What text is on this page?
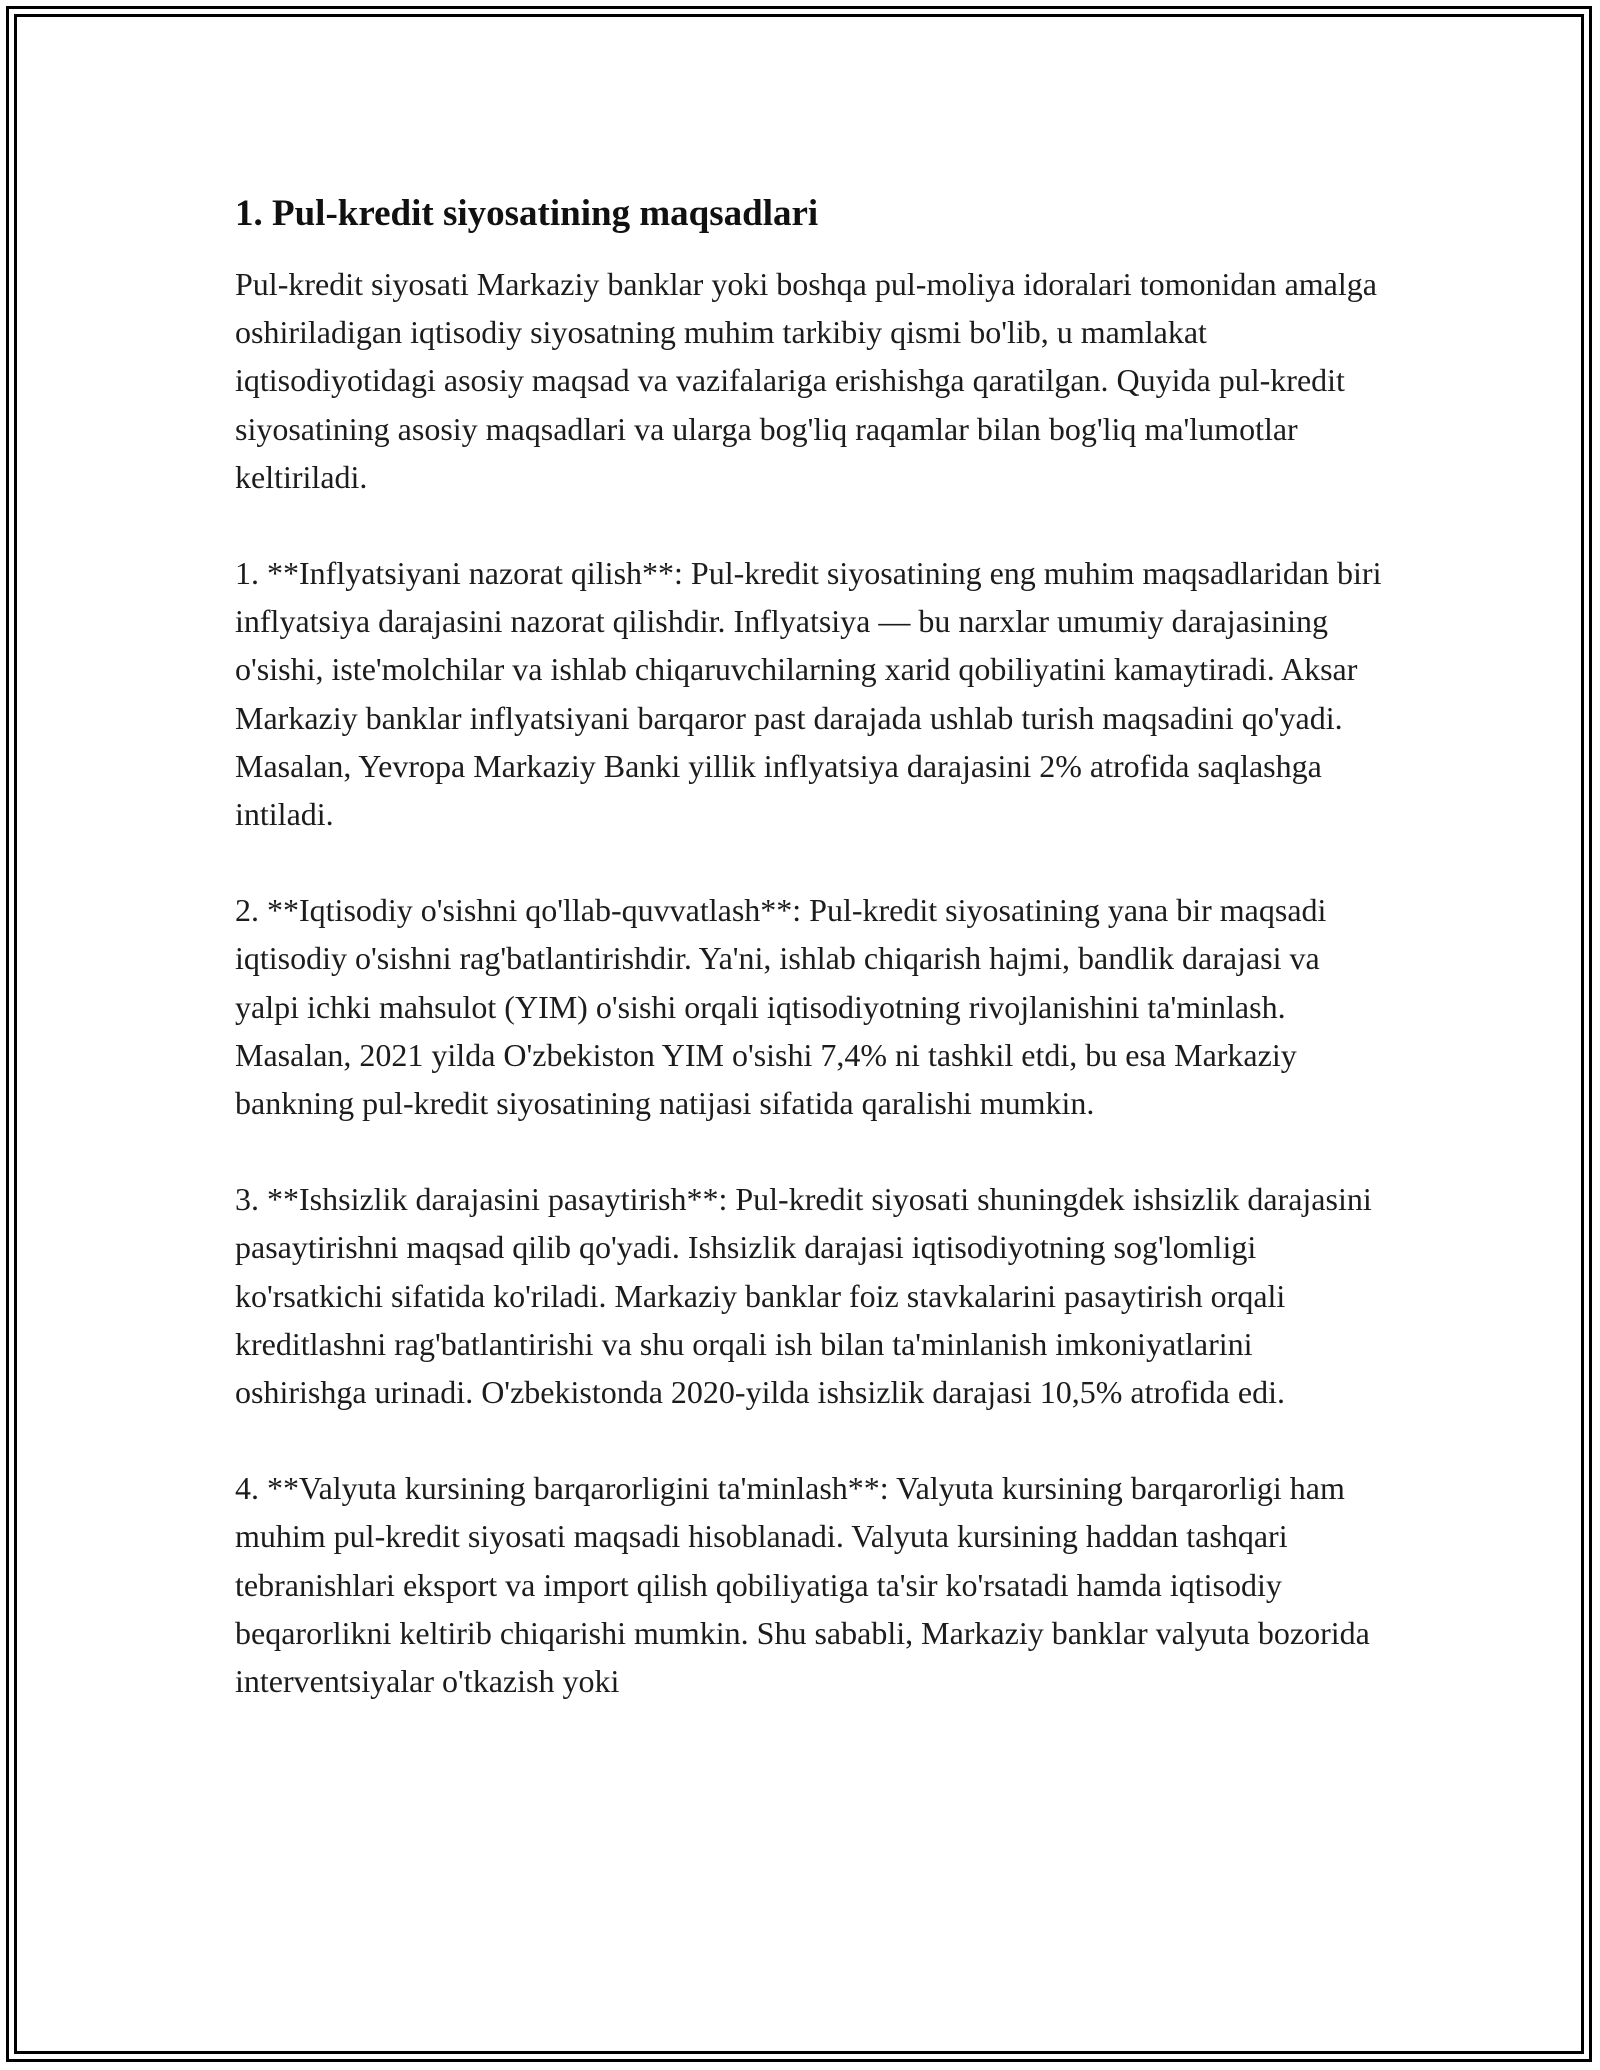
1. Pul-kredit siyosatining maqsadlari

Pul-kredit siyosati Markaziy banklar yoki boshqa pul-moliya idoralari tomonidan amalga oshiriladigan iqtisodiy siyosatning muhim tarkibiy qismi bo'lib, u mamlakat iqtisodiyotidagi asosiy maqsad va vazifalariga erishishga qaratilgan. Quyida pul-kredit siyosatining asosiy maqsadlari va ularga bog'liq raqamlar bilan bog'liq ma'lumotlar keltiriladi.

1. **Inflyatsiyani nazorat qilish**: Pul-kredit siyosatining eng muhim maqsadlaridan biri inflyatsiya darajasini nazorat qilishdir. Inflyatsiya — bu narxlar umumiy darajasining o'sishi, iste'molchilar va ishlab chiqaruvchilarning xarid qobiliyatini kamaytiradi. Aksar Markaziy banklar inflyatsiyani barqaror past darajada ushlab turish maqsadini qo'yadi. Masalan, Yevropa Markaziy Banki yillik inflyatsiya darajasini 2% atrofida saqlashga intiladi.

2. **Iqtisodiy o'sishni qo'llab-quvvatlash**: Pul-kredit siyosatining yana bir maqsadi iqtisodiy o'sishni rag'batlantirishdir. Ya'ni, ishlab chiqarish hajmi, bandlik darajasi va yalpi ichki mahsulot (YIM) o'sishi orqali iqtisodiyotning rivojlanishini ta'minlash. Masalan, 2021 yilda O'zbekiston YIM o'sishi 7,4% ni tashkil etdi, bu esa Markaziy bankning pul-kredit siyosatining natijasi sifatida qaralishi mumkin.

3. **Ishsizlik darajasini pasaytirish**: Pul-kredit siyosati shuningdek ishsizlik darajasini pasaytirishni maqsad qilib qo'yadi. Ishsizlik darajasi iqtisodiyotning sog'lomligi ko'rsatkichi sifatida ko'riladi. Markaziy banklar foiz stavkalarini pasaytirish orqali kreditlashni rag'batlantirishi va shu orqali ish bilan ta'minlanish imkoniyatlarini oshirishga urinadi. O'zbekistonda 2020-yilda ishsizlik darajasi 10,5% atrofida edi.

4. **Valyuta kursining barqarorligini ta'minlash**: Valyuta kursining barqarorligi ham muhim pul-kredit siyosati maqsadi hisoblanadi. Valyuta kursining haddan tashqari tebranishlari eksport va import qilish qobiliyatiga ta'sir ko'rsatadi hamda iqtisodiy beqarorlikni keltirib chiqarishi mumkin. Shu sababli, Markaziy banklar valyuta bozorida interventsiyalar o'tkazish yoki
